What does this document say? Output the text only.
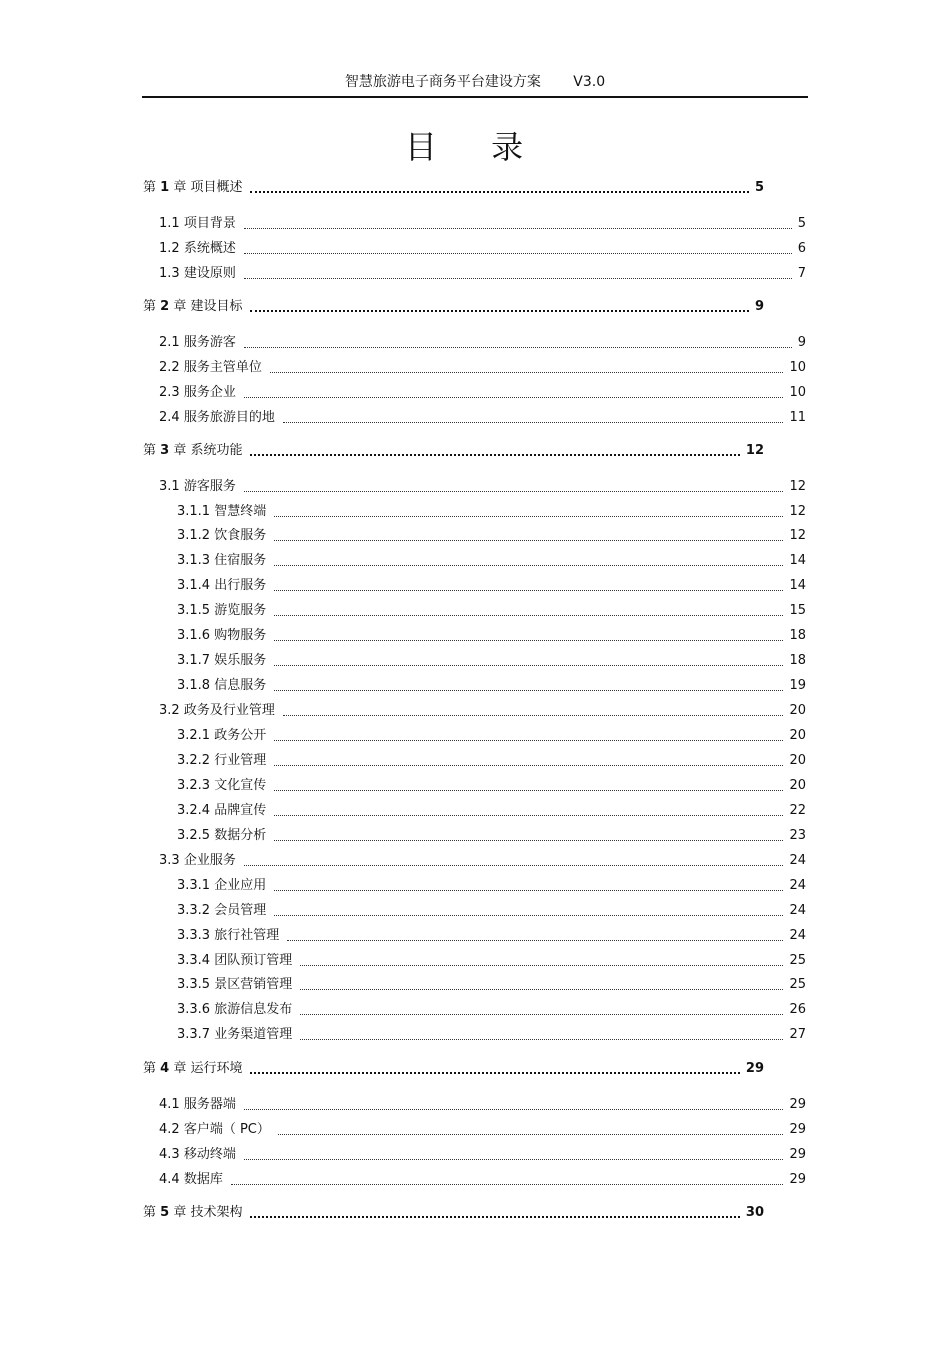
智慧旅游电子商务平台建设方案 V3.0
目 录
第 1 章 项目概述	5
1.1 项目背景	5
1.2 系统概述	6
1.3 建设原则	7
第 2 章 建设目标	9
2.1 服务游客	9
2.2 服务主管单位	10
2.3 服务企业	10
2.4 服务旅游目的地	11
第 3 章 系统功能	12
3.1 游客服务	12
3.1.1 智慧终端	12
3.1.2 饮食服务	12
3.1.3 住宿服务	14
3.1.4 出行服务	14
3.1.5 游览服务	15
3.1.6 购物服务	18
3.1.7 娱乐服务	18
3.1.8 信息服务	19
3.2 政务及行业管理	20
3.2.1 政务公开	20
3.2.2 行业管理	20
3.2.3 文化宣传	20
3.2.4 品牌宣传	22
3.2.5 数据分析	23
3.3 企业服务	24
3.3.1 企业应用	24
3.3.2 会员管理	24
3.3.3 旅行社管理	24
3.3.4 团队预订管理	25
3.3.5 景区营销管理	25
3.3.6 旅游信息发布	26
3.3.7 业务渠道管理	27
第 4 章 运行环境	29
4.1 服务器端	29
4.2 客户端（ PC）	29
4.3 移动终端	29
4.4 数据库	29
第 5 章 技术架构	30
